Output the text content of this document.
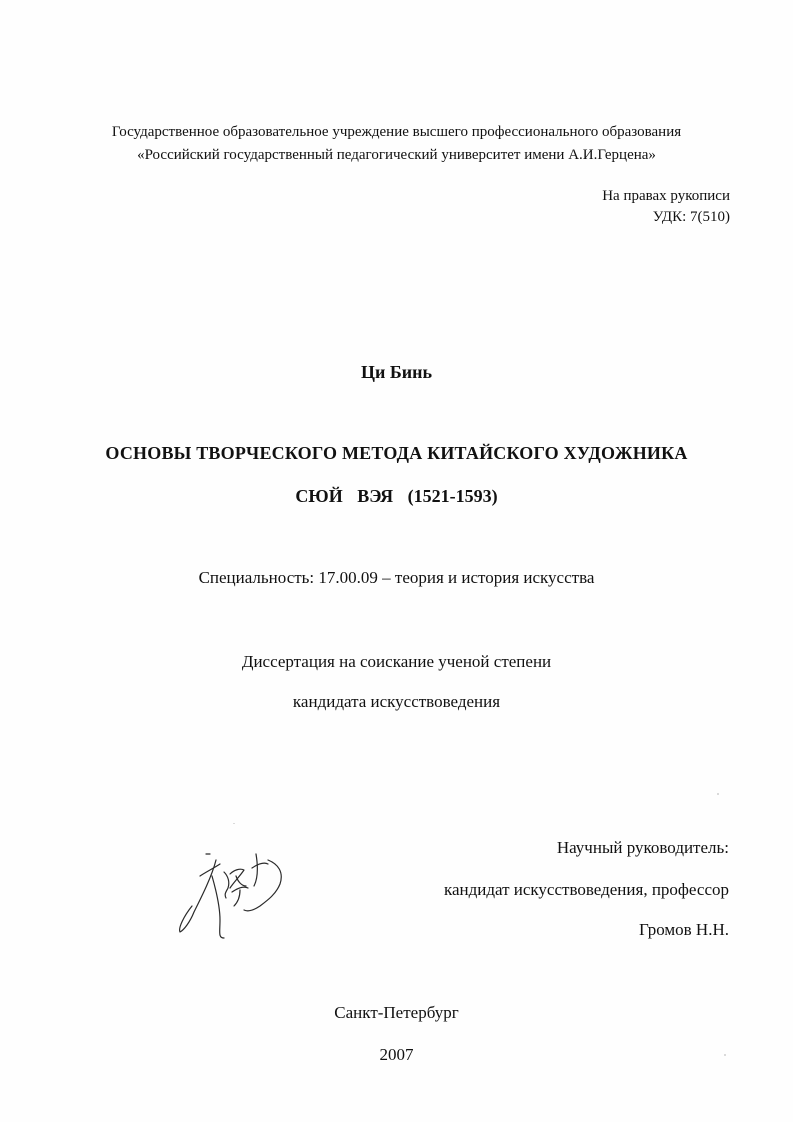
Государственное образовательное учреждение высшего профессионального образования
«Российский государственный педагогический университет имени А.И.Герцена»
На правах рукописи
УДК: 7(510)
Ци Бинь
ОСНОВЫ ТВОРЧЕСКОГО МЕТОДА КИТАЙСКОГО ХУДОЖНИКА
СЮЙ ВЭЯ (1521-1593)
Специальность: 17.00.09 – теория и история искусства
Диссертация на соискание ученой степени
кандидата искусствоведения
Научный руководитель:
кандидат искусствоведения, профессор
Громов Н.Н.
Санкт-Петербург
2007
